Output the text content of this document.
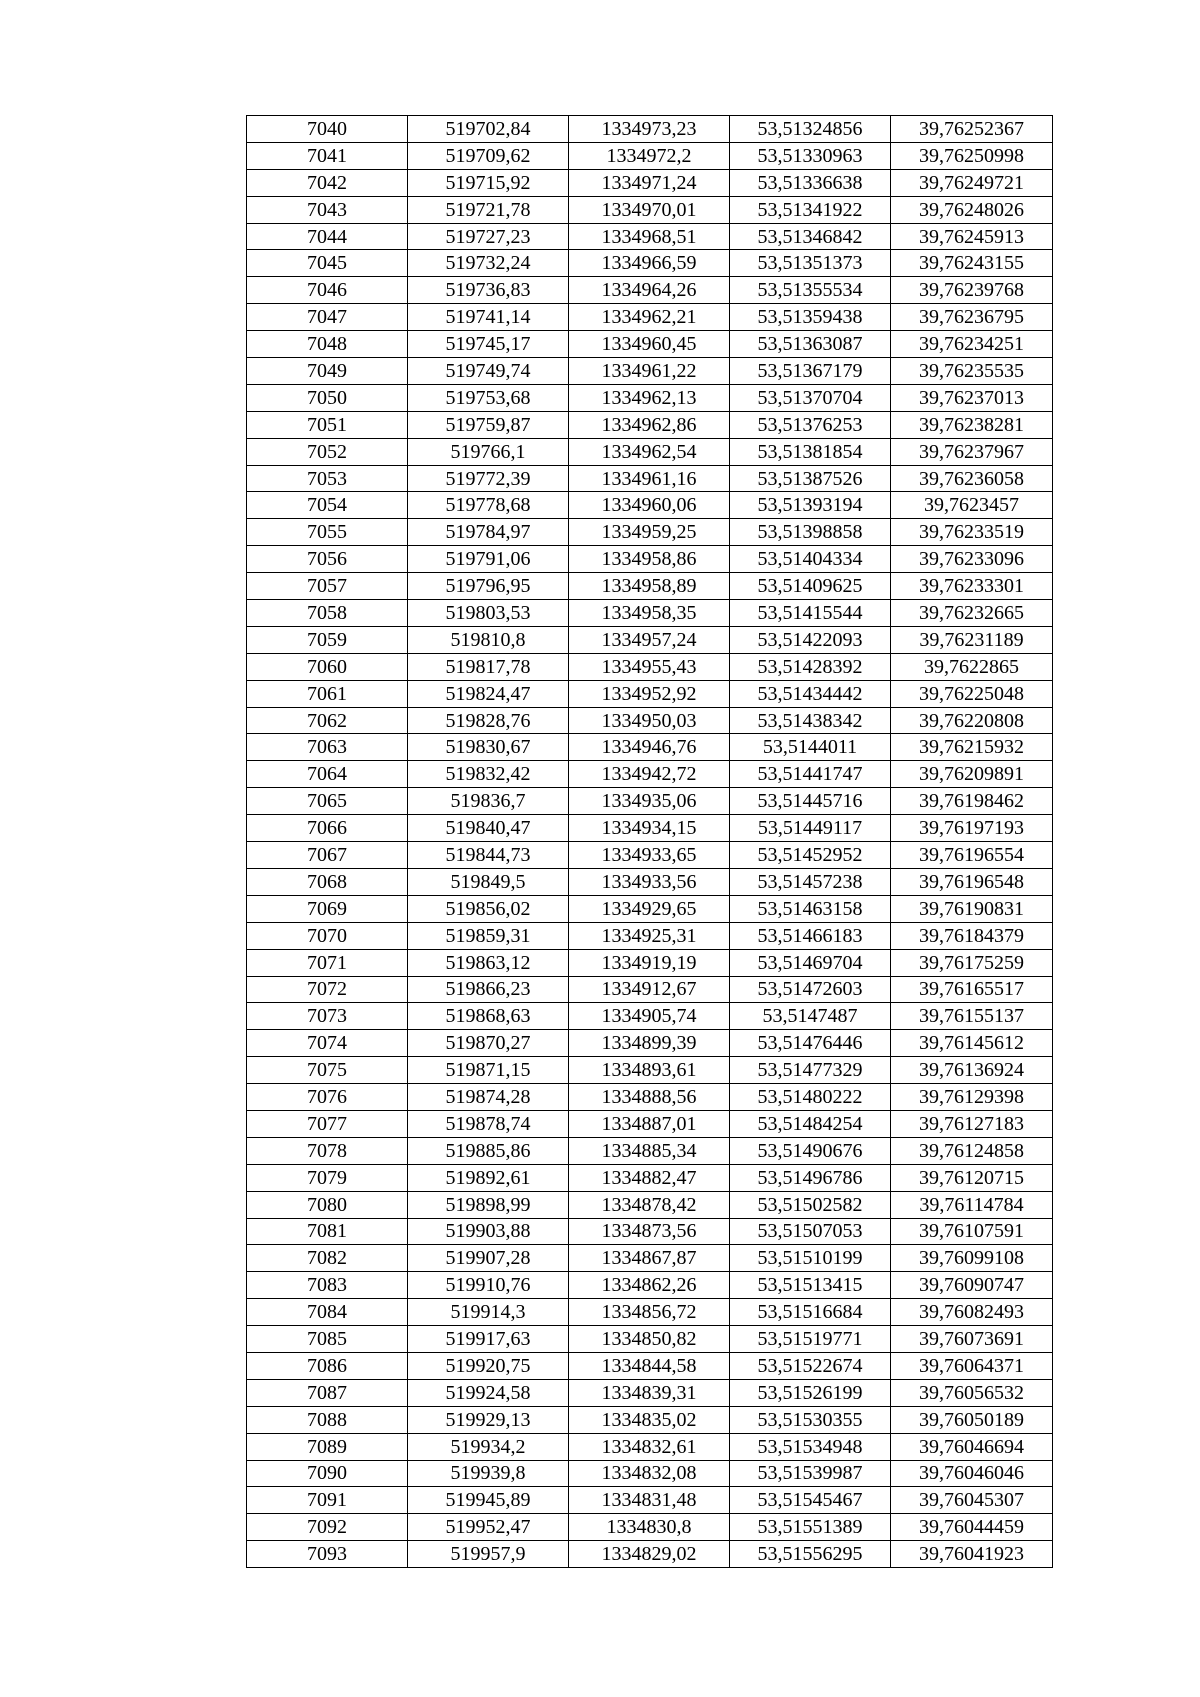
7040	519702,84	1334973,23	53,51324856	39,76252367
7041	519709,62	1334972,2	53,51330963	39,76250998
7042	519715,92	1334971,24	53,51336638	39,76249721
7043	519721,78	1334970,01	53,51341922	39,76248026
7044	519727,23	1334968,51	53,51346842	39,76245913
7045	519732,24	1334966,59	53,51351373	39,76243155
7046	519736,83	1334964,26	53,51355534	39,76239768
7047	519741,14	1334962,21	53,51359438	39,76236795
7048	519745,17	1334960,45	53,51363087	39,76234251
7049	519749,74	1334961,22	53,51367179	39,76235535
7050	519753,68	1334962,13	53,51370704	39,76237013
7051	519759,87	1334962,86	53,51376253	39,76238281
7052	519766,1	1334962,54	53,51381854	39,76237967
7053	519772,39	1334961,16	53,51387526	39,76236058
7054	519778,68	1334960,06	53,51393194	39,7623457
7055	519784,97	1334959,25	53,51398858	39,76233519
7056	519791,06	1334958,86	53,51404334	39,76233096
7057	519796,95	1334958,89	53,51409625	39,76233301
7058	519803,53	1334958,35	53,51415544	39,76232665
7059	519810,8	1334957,24	53,51422093	39,76231189
7060	519817,78	1334955,43	53,51428392	39,7622865
7061	519824,47	1334952,92	53,51434442	39,76225048
7062	519828,76	1334950,03	53,51438342	39,76220808
7063	519830,67	1334946,76	53,5144011	39,76215932
7064	519832,42	1334942,72	53,51441747	39,76209891
7065	519836,7	1334935,06	53,51445716	39,76198462
7066	519840,47	1334934,15	53,51449117	39,76197193
7067	519844,73	1334933,65	53,51452952	39,76196554
7068	519849,5	1334933,56	53,51457238	39,76196548
7069	519856,02	1334929,65	53,51463158	39,76190831
7070	519859,31	1334925,31	53,51466183	39,76184379
7071	519863,12	1334919,19	53,51469704	39,76175259
7072	519866,23	1334912,67	53,51472603	39,76165517
7073	519868,63	1334905,74	53,5147487	39,76155137
7074	519870,27	1334899,39	53,51476446	39,76145612
7075	519871,15	1334893,61	53,51477329	39,76136924
7076	519874,28	1334888,56	53,51480222	39,76129398
7077	519878,74	1334887,01	53,51484254	39,76127183
7078	519885,86	1334885,34	53,51490676	39,76124858
7079	519892,61	1334882,47	53,51496786	39,76120715
7080	519898,99	1334878,42	53,51502582	39,76114784
7081	519903,88	1334873,56	53,51507053	39,76107591
7082	519907,28	1334867,87	53,51510199	39,76099108
7083	519910,76	1334862,26	53,51513415	39,76090747
7084	519914,3	1334856,72	53,51516684	39,76082493
7085	519917,63	1334850,82	53,51519771	39,76073691
7086	519920,75	1334844,58	53,51522674	39,76064371
7087	519924,58	1334839,31	53,51526199	39,76056532
7088	519929,13	1334835,02	53,51530355	39,76050189
7089	519934,2	1334832,61	53,51534948	39,76046694
7090	519939,8	1334832,08	53,51539987	39,76046046
7091	519945,89	1334831,48	53,51545467	39,76045307
7092	519952,47	1334830,8	53,51551389	39,76044459
7093	519957,9	1334829,02	53,51556295	39,76041923
